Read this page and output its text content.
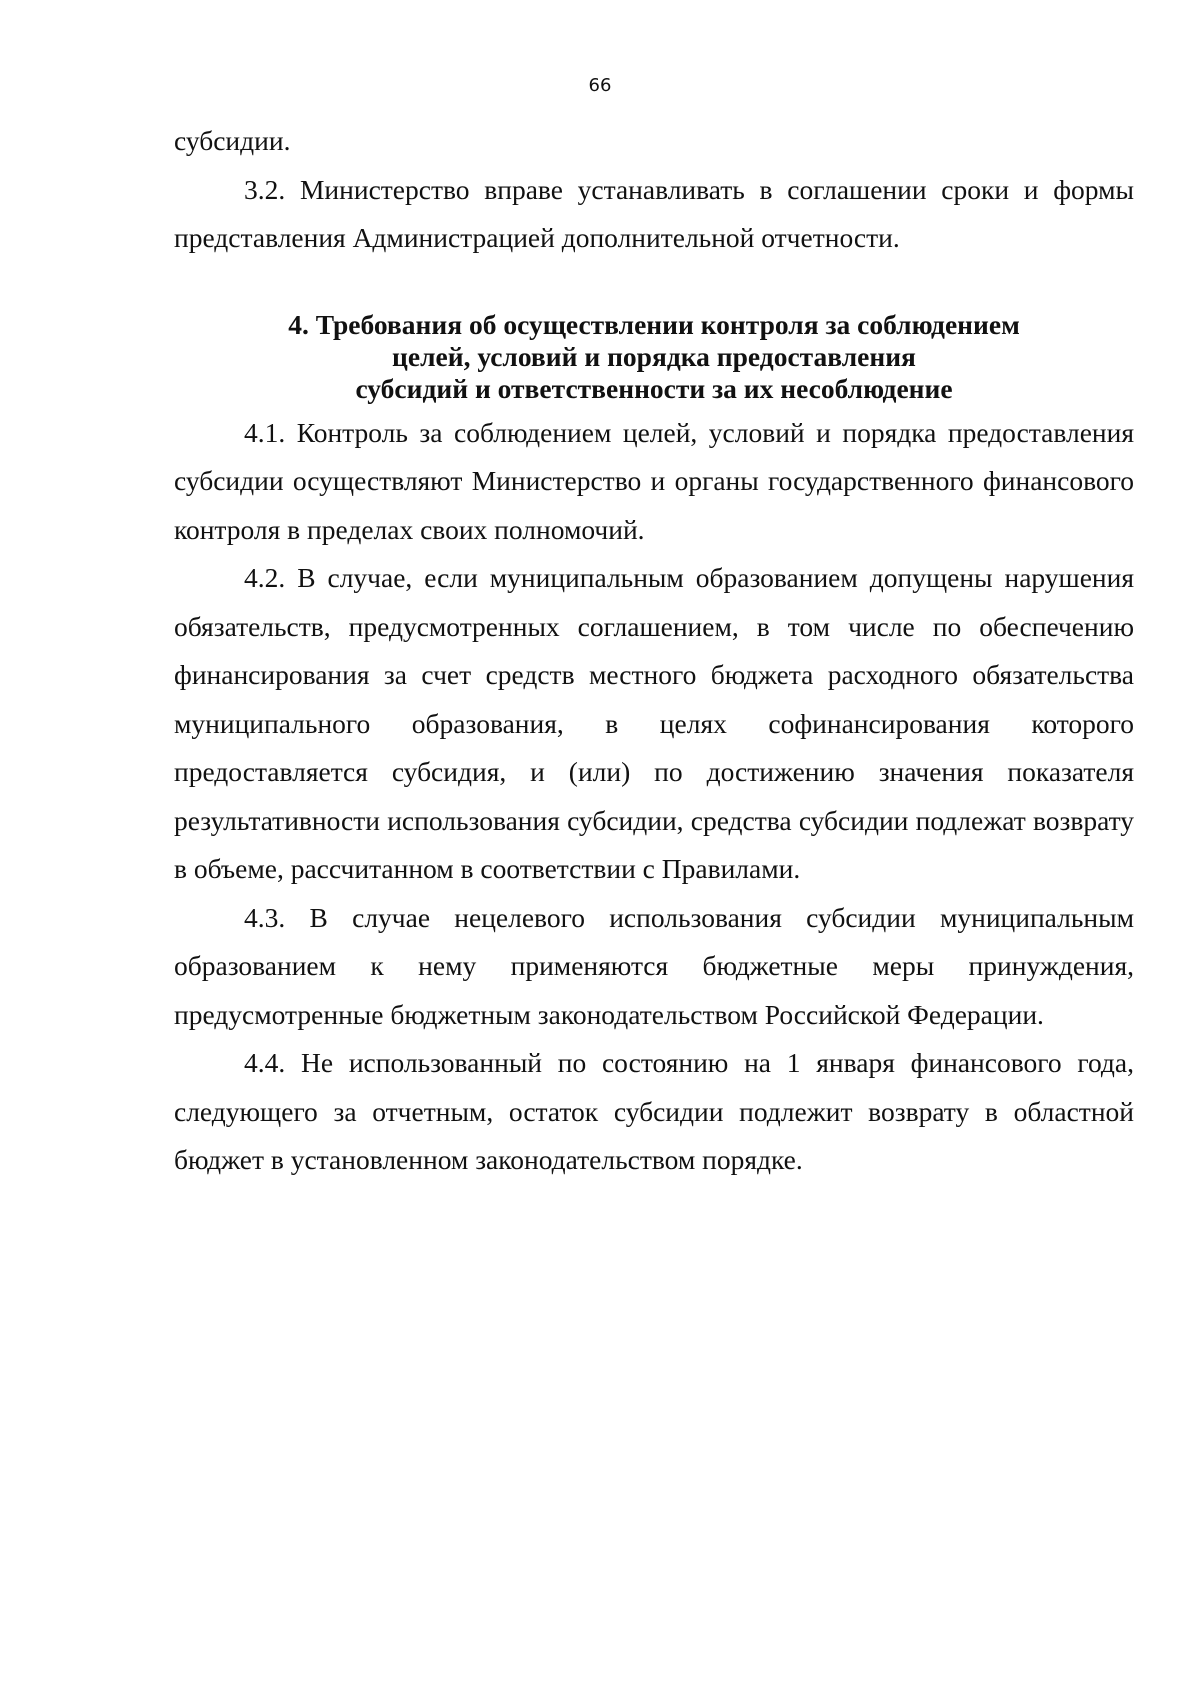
66

субсидии.

3.2. Министерство вправе устанавливать в соглашении сроки и формы представления Администрацией дополнительной отчетности.

4. Требования об осуществлении контроля за соблюдением
целей, условий и порядка предоставления
субсидий и ответственности за их несоблюдение

4.1. Контроль за соблюдением целей, условий и порядка предоставления субсидии осуществляют Министерство и органы государственного финансового контроля в пределах своих полномочий.

4.2. В случае, если муниципальным образованием допущены нарушения обязательств, предусмотренных соглашением, в том числе по обеспечению финансирования за счет средств местного бюджета расходного обязательства муниципального образования, в целях софинансирования которого предоставляется субсидия, и (или) по достижению значения показателя результативности использования субсидии, средства субсидии подлежат возврату в объеме, рассчитанном в соответствии с Правилами.

4.3. В случае нецелевого использования субсидии муниципальным образованием к нему применяются бюджетные меры принуждения, предусмотренные бюджетным законодательством Российской Федерации.

4.4. Не использованный по состоянию на 1 января финансового года, следующего за отчетным, остаток субсидии подлежит возврату в областной бюджет в установленном законодательством порядке.
